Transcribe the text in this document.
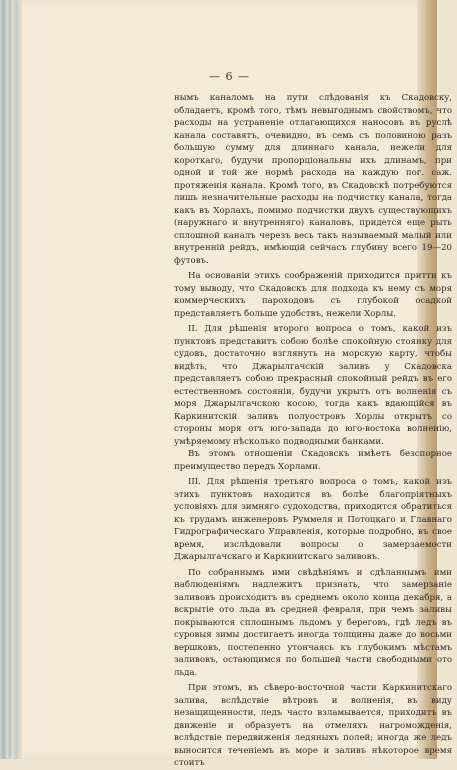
— 6 —

нымъ каналомъ на пути слѣдованія къ Скадовску, обладаетъ, кромѣ того, тѣмъ невыгоднымъ свойствомъ, что расходы на устраненіе отлагающихся наносовъ въ руслѣ канала составятъ, очевидно, въ семь съ половиною разъ большую сумму для длиннаго канала, нежели для короткаго, будучи пропорціональны ихъ длинамъ, при одной и той же нормѣ расхода на каждую пог. саж. протяженія канала. Кромѣ того, въ Скадовскѣ потребуются лишь незначительные расходы на подчистку канала, тогда какъ въ Хорлахъ, помимо подчистки двухъ существующихъ (наружнаго и внутренняго) каналовъ, придется еще рыть сплошной каналъ черезъ весь такъ называемый малый или внутренній рейдъ, имѣющій сейчасъ глубину всего 19—20 футовъ.

На основаніи этихъ соображеній приходится притти къ тому выводу, что Скадовскъ для подхода къ нему съ моря коммерческихъ пароходовъ съ глубокой осадкой представляетъ больше удобствъ, нежели Хорлы.

II. Для рѣшенія второго вопроса о томъ, какой изъ пунктовъ представитъ собою болѣе спокойную стоянку для судовъ, достаточно взглянуть на морскую карту, чтобы видѣть, что Джарылгачскій заливъ у Скадовска представляетъ собою прекрасный спокойный рейдъ въ его естественномъ состояніи, будучи укрытъ отъ волненія съ моря Джарылгачскою косою, тогда какъ вдающійся въ Каркинитскій заливъ полуостровъ Хорлы открытъ со стороны моря отъ юго-запада до юго-востока волненію, умѣряемому нѣсколько подводными банками.

Въ этомъ отношеніи Скадовскъ имѣетъ безспорное преимущество передъ Хорлами.

III. Для рѣшенія третьяго вопроса о томъ, какой изъ этихъ пунктовъ находится въ болѣе благопріятныхъ условіяхъ для зимняго судоходства, приходится обратиться къ трудамъ инженеровъ Руммеля и Потоцкаго и Главнаго Гидрографическаго Управленія, которые подробно, въ свое время, изслѣдовали вопросы о замерзаемости Джарылгачскаго и Каркинитскаго заливовъ.

По собраннымъ ими свѣдѣніямъ и сдѣланнымъ ими наблюденіямъ надлежитъ признать, что замерзаніе заливовъ происходитъ въ среднемъ около конца декабря, а вскрытіе ото льда въ средней февраля, при чемъ заливы покрываются сплошнымъ льдомъ у береговъ, гдѣ ледъ въ суровыя зимы достигаетъ иногда толщины даже до восьми вершковъ, постепенно утончаясь къ глубокимъ мѣстамъ заливовъ, остающимся по большей части свободными ото льда.

При этомъ, въ сѣверо-восточной части Каркинитскаго залива, вслѣдствіе вѣтровъ и волненія, въ виду незащищенности, ледъ часто взламывается, приходитъ въ движеніе и образуетъ на отмеляхъ нагроможденія, вслѣдствіе передвиженія ледяныхъ полей; иногда же ледъ выносится теченіемъ въ море и заливъ нѣкоторое время стоитъ
